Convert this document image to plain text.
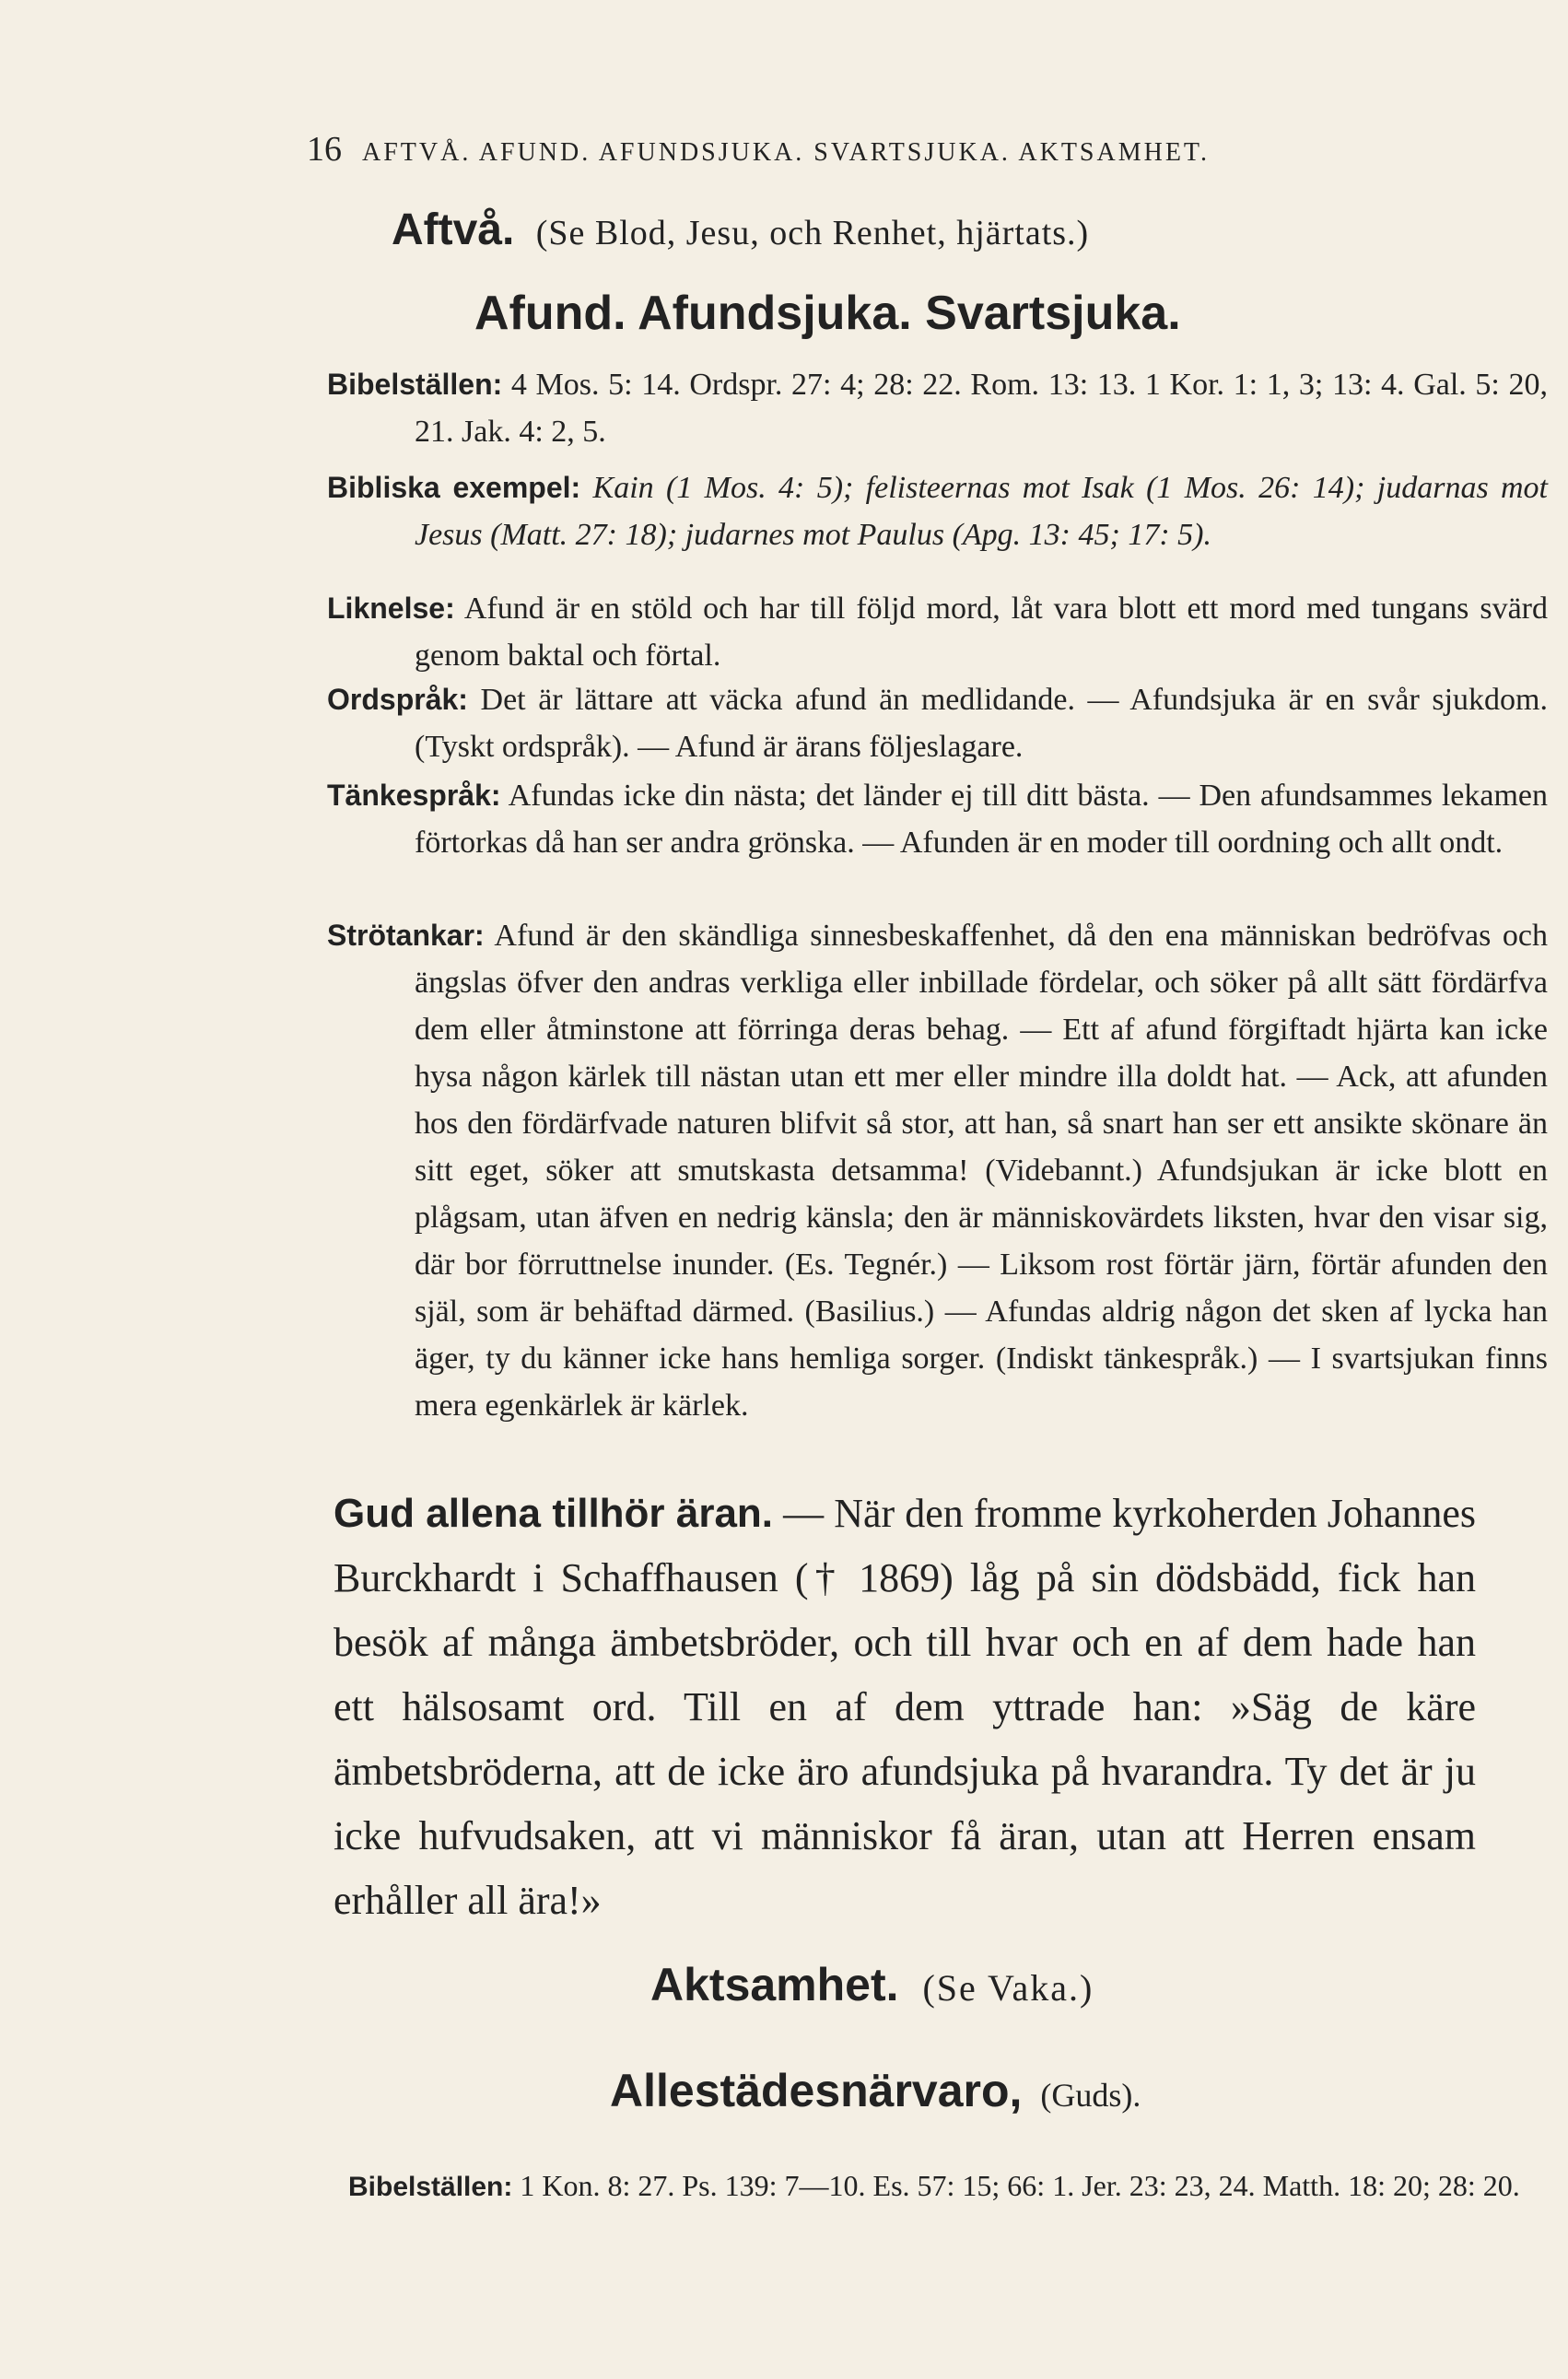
16 AFTVÅ. AFUND. AFUNDSJUKA. SVARTSJUKA. AKTSAMHET.
Aftvå. (Se Blod, Jesu, och Renhet, hjärtats.)
Afund. Afundsjuka. Svartsjuka.
Bibelställen: 4 Mos. 5: 14. Ordspr. 27: 4; 28: 22. Rom. 13: 13. 1 Kor. 1: 1, 3; 13: 4. Gal. 5: 20, 21. Jak. 4: 2, 5.
Bibliska exempel: Kain (1 Mos. 4: 5); felisteernas mot Isak (1 Mos. 26: 14); judarnas mot Jesus (Matt. 27: 18); judarnes mot Paulus (Apg. 13: 45; 17: 5).
Liknelse: Afund är en stöld och har till följd mord, låt vara blott ett mord med tungans svärd genom baktal och förtal.
Ordspråk: Det är lättare att väcka afund än medlidande. — Afundsjuka är en svår sjukdom. (Tyskt ordspråk). — Afund är ärans följeslagare.
Tänkespråk: Afundas icke din nästa; det länder ej till ditt bästa. — Den afundsammes lekamen förtorkas då han ser andra grönska. — Afunden är en moder till oordning och allt ondt.
Strötankar: Afund är den skändliga sinnesbeskaffenhet, då den ena människan bedröfvas och ängslas öfver den andras verkliga eller inbillade fördelar, och söker på allt sätt fördärfva dem eller åtminstone att förringa deras behag. — Ett af afund förgiftadt hjärta kan icke hysa någon kärlek till nästan utan ett mer eller mindre illa doldt hat. — Ack, att afunden hos den fördärfvade naturen blifvit så stor, att han, så snart han ser ett ansikte skönare än sitt eget, söker att smutskasta detsamma! (Videbannt.) Afundsjukan är icke blott en plågsam, utan äfven en nedrig känsla; den är människovärdets liksten, hvar den visar sig, där bor förruttnelse inunder. (Es. Tegnér.) — Liksom rost förtär järn, förtär afunden den själ, som är behäftad därmed. (Basilius.) — Afundas aldrig någon det sken af lycka han äger, ty du känner icke hans hemliga sorger. (Indiskt tänkespråk.) — I svartsjukan finns mera egenkärlek är kärlek.
Gud allena tillhör äran. — När den fromme kyrkoherden Johannes Burckhardt i Schaffhausen († 1869) låg på sin dödsbädd, fick han besök af många ämbetsbröder, och till hvar och en af dem hade han ett hälsosamt ord. Till en af dem yttrade han: »Säg de käre ämbetsbröderna, att de icke äro afundsjuka på hvarandra. Ty det är ju icke hufvudsaken, att vi människor få äran, utan att Herren ensam erhåller all ära!»
Aktsamhet. (Se Vaka.)
Allestädesnärvaro, (Guds).
Bibelställen: 1 Kon. 8: 27. Ps. 139: 7—10. Es. 57: 15; 66: 1. Jer. 23: 23, 24. Matth. 18: 20; 28: 20.
